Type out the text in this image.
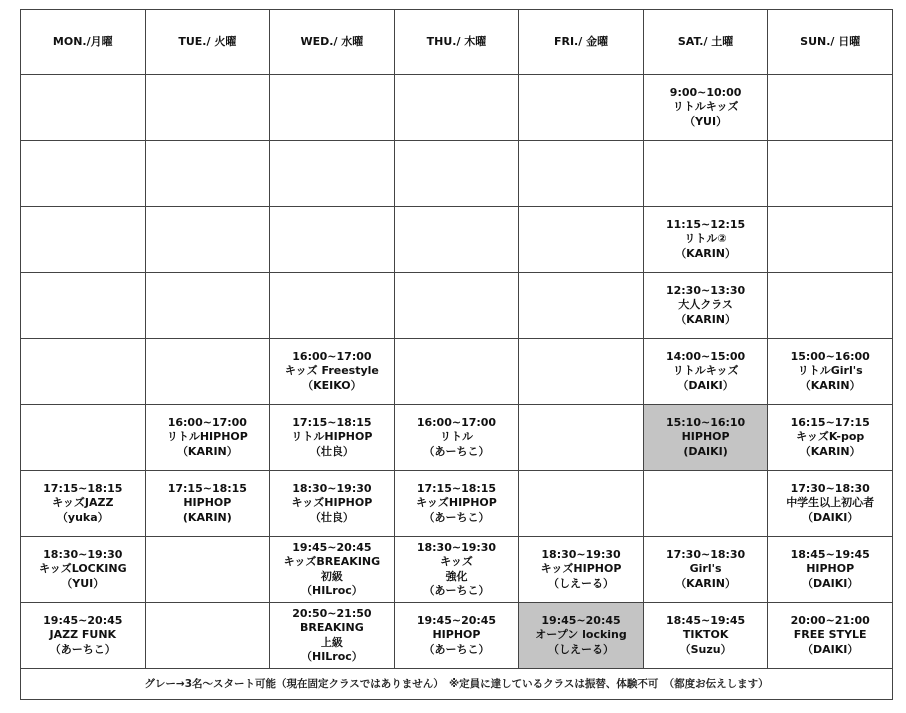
MON./月曜	TUE./ 火曜	WED./ 水曜	THU./ 木曜	FRI./ 金曜	SAT./ 土曜	SUN./ 日曜

					9:00~10:00
リトルキッズ
（YUI）	

					11:15~12:15
リトル②
（KARIN）	

					12:30~13:30
大人クラス
（KARIN）	

		16:00~17:00
キッズ Freestyle
（KEIKO）			14:00~15:00
リトルキッズ
（DAIKI）	15:00~16:00
リトルGirl's
（KARIN）

	16:00~17:00
リトルHIPHOP
（KARIN）	17:15~18:15
リトルHIPHOP
（壮良）	16:00~17:00
リトル
（あーちこ）		15:10~16:10
HIPHOP
(DAIKI)	16:15~17:15
キッズK-pop
（KARIN）

17:15~18:15
キッズJAZZ
（yuka）	17:15~18:15
HIPHOP
(KARIN)	18:30~19:30
キッズHIPHOP
（壮良）	17:15~18:15
キッズHIPHOP
（あーちこ）			17:30~18:30
中学生以上初心者
（DAIKI）

18:30~19:30
キッズLOCKING
（YUI）		19:45~20:45
キッズBREAKING
初級
（HILroc）	18:30~19:30
キッズ
強化
（あーちこ）	18:30~19:30
キッズHIPHOP
（しえーる）	17:30~18:30
Girl's
（KARIN）	18:45~19:45
HIPHOP
（DAIKI）

19:45~20:45
JAZZ FUNK
（あーちこ）		20:50~21:50
BREAKING
上級
（HILroc）	19:45~20:45
HIPHOP
（あーちこ）	19:45~20:45
オープン locking
（しえーる）	18:45~19:45
TIKTOK
（Suzu）	20:00~21:00
FREE STYLE
（DAIKI）

グレー→3名～スタート可能（現在固定クラスではありません）　※定員に達しているクラスは振替、体験不可　（都度お伝えします）						
